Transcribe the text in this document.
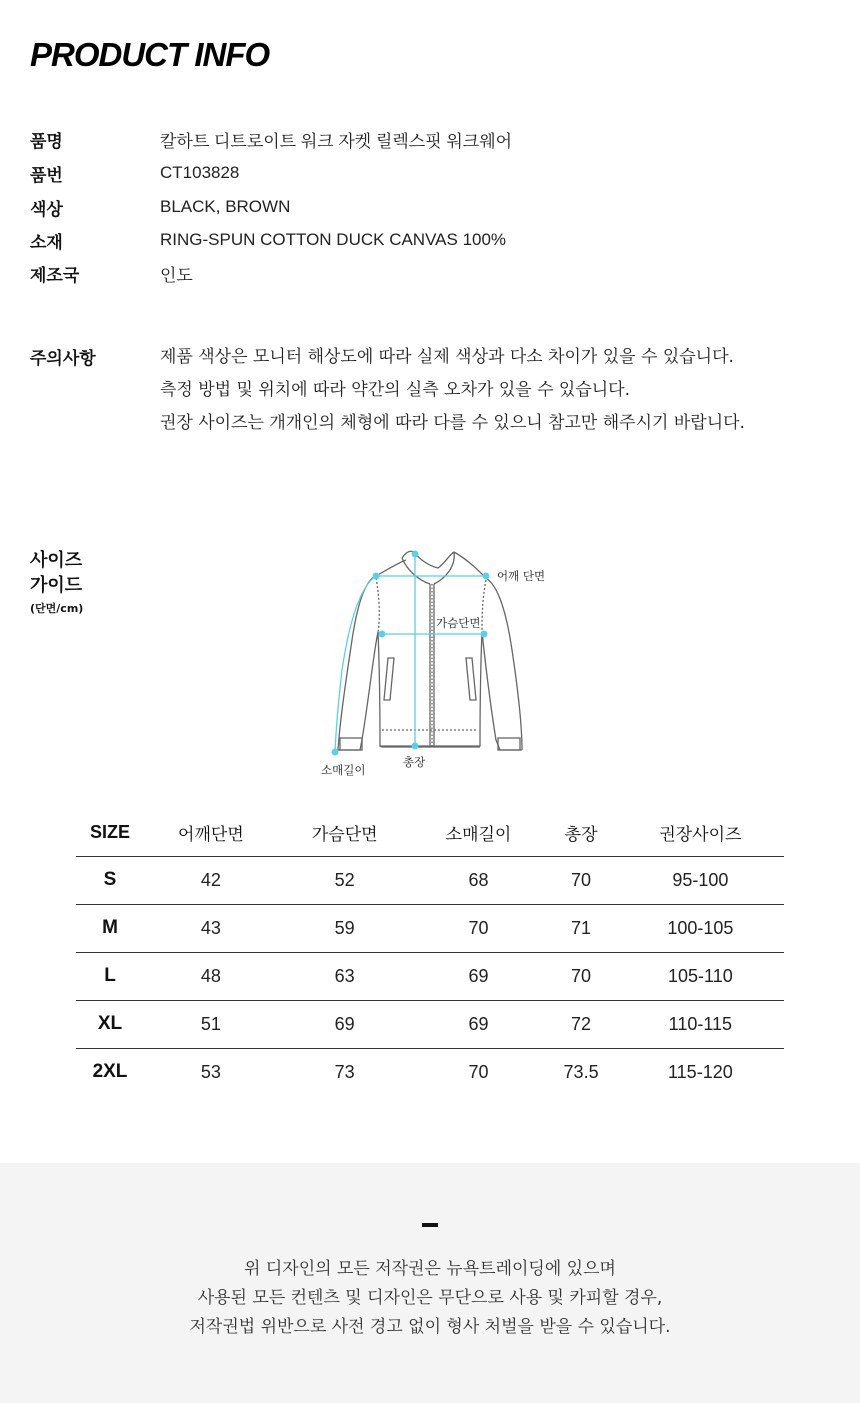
PRODUCT INFO
품명	칼하트 디트로이트 워크 자켓 릴렉스핏 워크웨어
품번	CT103828
색상	BLACK, BROWN
소재	RING-SPUN COTTON DUCK CANVAS 100%
제조국	인도
주의사항	제품 색상은 모니터 해상도에 따라 실제 색상과 다소 차이가 있을 수 있습니다.
측정 방법 및 위치에 따라 약간의 실측 오차가 있을 수 있습니다.
권장 사이즈는 개개인의 체형에 따라 다를 수 있으니 참고만 해주시기 바랍니다.
사이즈
가이드
(단면/cm)
어깨 단면
가슴단면
소매길이
총장
SIZE	어깨단면	가슴단면	소매길이	총장	권장사이즈
S	42	52	68	70	95-100
M	43	59	70	71	100-105
L	48	63	69	70	105-110
XL	51	69	69	72	110-115
2XL	53	73	70	73.5	115-120
위 디자인의 모든 저작권은 뉴욕트레이딩에 있으며
사용된 모든 컨텐츠 및 디자인은 무단으로 사용 및 카피할 경우,
저작권법 위반으로 사전 경고 없이 형사 처벌을 받을 수 있습니다.
